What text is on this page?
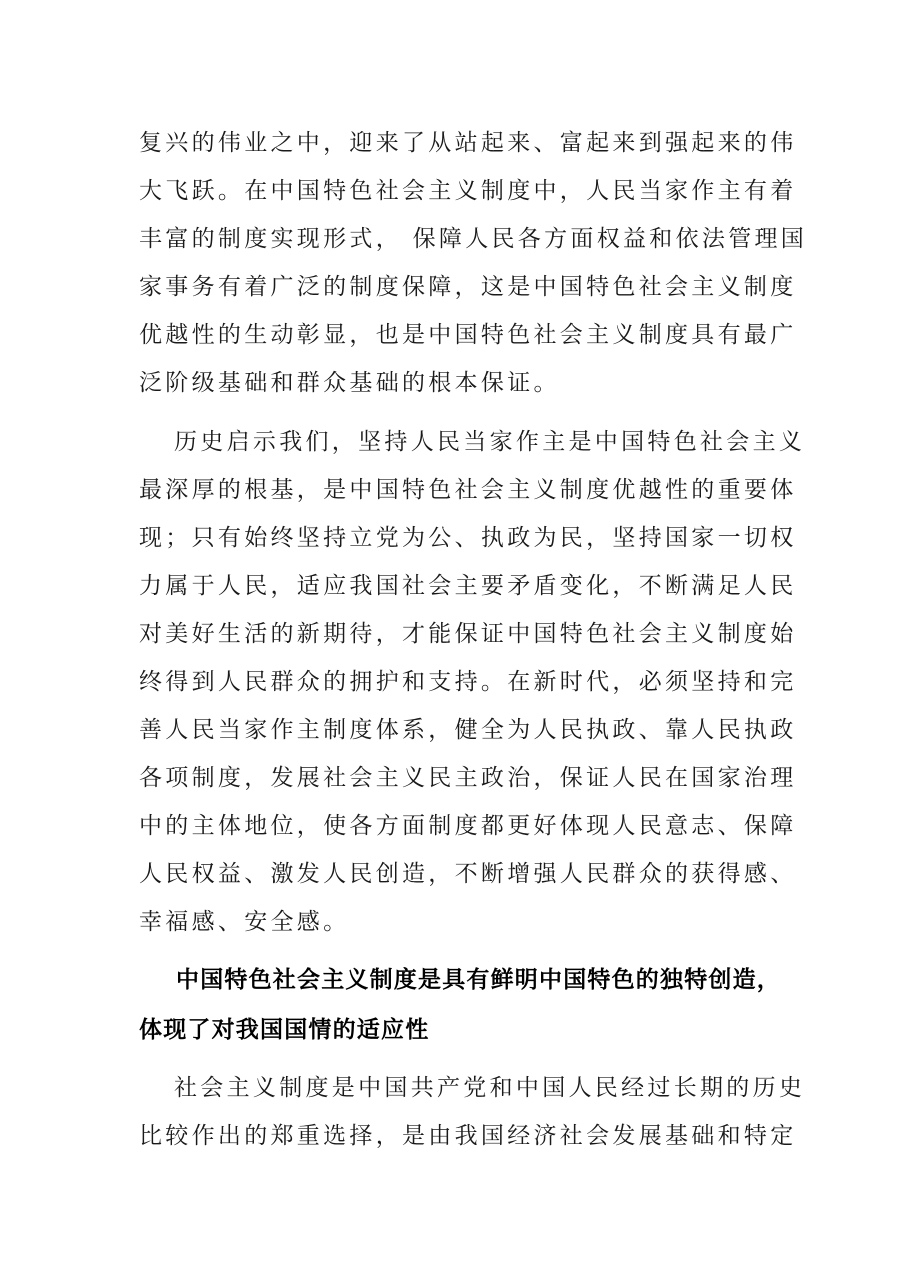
复兴的伟业之中，迎来了从站起来、富起来到强起来的伟
大飞跃。在中国特色社会主义制度中，人民当家作主有着
丰富的制度实现形式， 保障人民各方面权益和依法管理国
家事务有着广泛的制度保障，这是中国特色社会主义制度
优越性的生动彰显，也是中国特色社会主义制度具有最广
泛阶级基础和群众基础的根本保证。
历史启示我们，坚持人民当家作主是中国特色社会主义
最深厚的根基，是中国特色社会主义制度优越性的重要体
现；只有始终坚持立党为公、执政为民，坚持国家一切权
力属于人民，适应我国社会主要矛盾变化，不断满足人民
对美好生活的新期待，才能保证中国特色社会主义制度始
终得到人民群众的拥护和支持。在新时代，必须坚持和完
善人民当家作主制度体系，健全为人民执政、靠人民执政
各项制度，发展社会主义民主政治，保证人民在国家治理
中的主体地位，使各方面制度都更好体现人民意志、保障
人民权益、激发人民创造，不断增强人民群众的获得感、
幸福感、安全感。
中国特色社会主义制度是具有鲜明中国特色的独特创造，
体现了对我国国情的适应性
社会主义制度是中国共产党和中国人民经过长期的历史
比较作出的郑重选择，是由我国经济社会发展基础和特定
